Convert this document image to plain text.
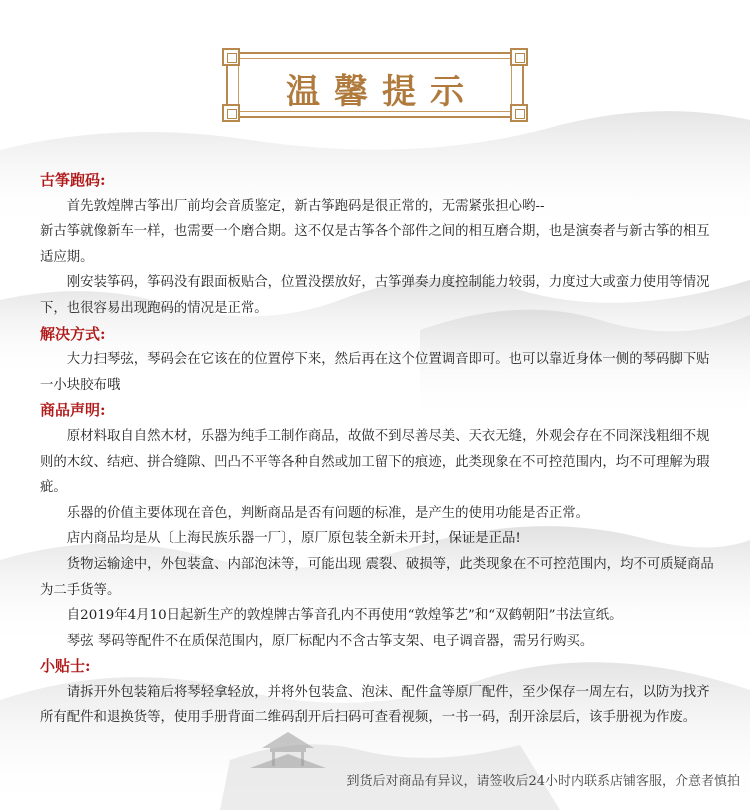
温馨提示

古筝跑码:

首先敦煌牌古筝出厂前均会音质鉴定，新古筝跑码是很正常的，无需紧张担心哟--

新古筝就像新车一样，也需要一个磨合期。这不仅是古筝各个部件之间的相互磨合期，也是演奏者与新古筝的相互适应期。

刚安装筝码，筝码没有跟面板贴合，位置没摆放好，古筝弹奏力度控制能力较弱，力度过大或蛮力使用等情况下，也很容易出现跑码的情况是正常。

解决方式:

大力扫琴弦，琴码会在它该在的位置停下来，然后再在这个位置调音即可。也可以靠近身体一侧的琴码脚下贴一小块胶布哦

商品声明:

原材料取自自然木材，乐器为纯手工制作商品，故做不到尽善尽美、天衣无缝，外观会存在不同深浅粗细不规则的木纹、结疤、拼合缝隙、凹凸不平等各种自然或加工留下的痕迹，此类现象在不可控范围内，均不可理解为瑕疵。

乐器的价值主要体现在音色，判断商品是否有问题的标准，是产生的使用功能是否正常。

店内商品均是从〔上海民族乐器一厂〕，原厂原包装全新未开封，保证是正品!

货物运输途中，外包装盒、内部泡沫等，可能出现 震裂、破损等，此类现象在不可控范围内，均不可质疑商品为二手货等。

自2019年4月10日起新生产的敦煌牌古筝音孔内不再使用“敦煌筝艺”和“双鹤朝阳”书法宣纸。

琴弦 琴码等配件不在质保范围内，原厂标配内不含古筝支架、电子调音器，需另行购买。

小贴士:

请拆开外包装箱后将琴轻拿轻放，并将外包装盒、泡沫、配件盒等原厂配件，至少保存一周左右，以防为找齐所有配件和退换货等，使用手册背面二维码刮开后扫码可查看视频，一书一码，刮开涂层后，该手册视为作废。

到货后对商品有异议，请签收后24小时内联系店铺客服，介意者慎拍
